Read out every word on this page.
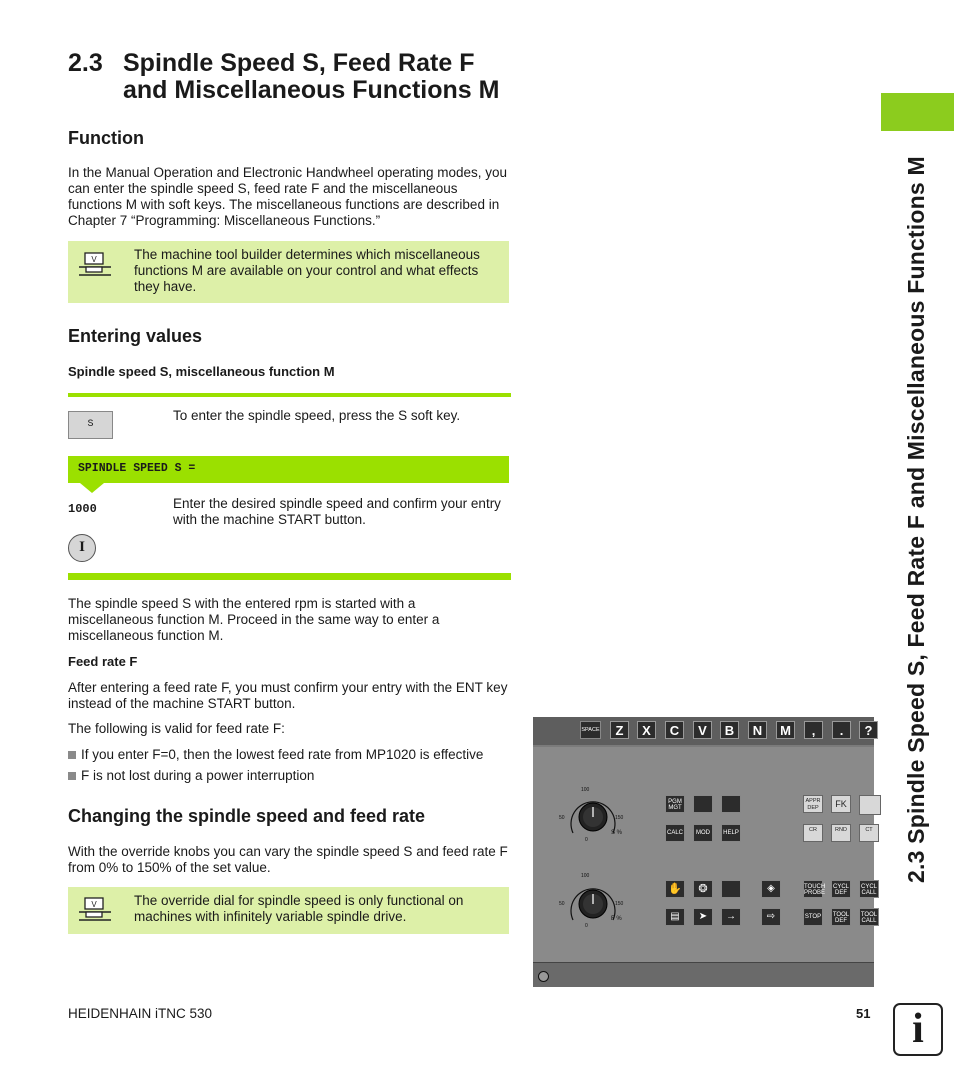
2.3 Spindle Speed S, Feed Rate F
and Miscellaneous Functions M
2.3 Spindle Speed S, Feed Rate F and Miscellaneous Functions M
Function
In the Manual Operation and Electronic Handwheel operating modes, you can enter the spindle speed S, feed rate F and the miscellaneous functions M with soft keys. The miscellaneous functions are described in Chapter 7 “Programming: Miscellaneous Functions.”
V	The machine tool builder determines which miscellaneous functions M are available on your control and what effects they have.
Entering values
Spindle speed S, miscellaneous function M
S
To enter the spindle speed, press the S soft key.
SPINDLE SPEED S =
1000	Enter the desired spindle speed and confirm your entry with the machine START button.
I
The spindle speed S with the entered rpm is started with a miscellaneous function M. Proceed in the same way to enter a miscellaneous function M.
Feed rate F
After entering a feed rate F, you must confirm your entry with the ENT key instead of the machine START button.
The following is valid for feed rate F:
If you enter F=0, then the lowest feed rate from MP1020 is effective
F is not lost during a power interruption
Changing the spindle speed and feed rate
With the override knobs you can vary the spindle speed S and feed rate F from 0% to 150% of the set value.
V	The override dial for spindle speed is only functional on machines with infinitely variable spindle drive.
SPACE	Z	X	C	V	B	N	M	,	.	?
100
50	150
0
S %
100
50	150
0
F %
PGM MGT
CALC	MOD	HELP
APPR DEP	FK
CR	RND	CT
✋	❂	◈	TOUCH PROBE
CYCL DEF
CYCL CALL
▤	➤	→	⇨	STOP	TOOL DEF
TOOL CALL
HEIDENHAIN iTNC 530	51 i
